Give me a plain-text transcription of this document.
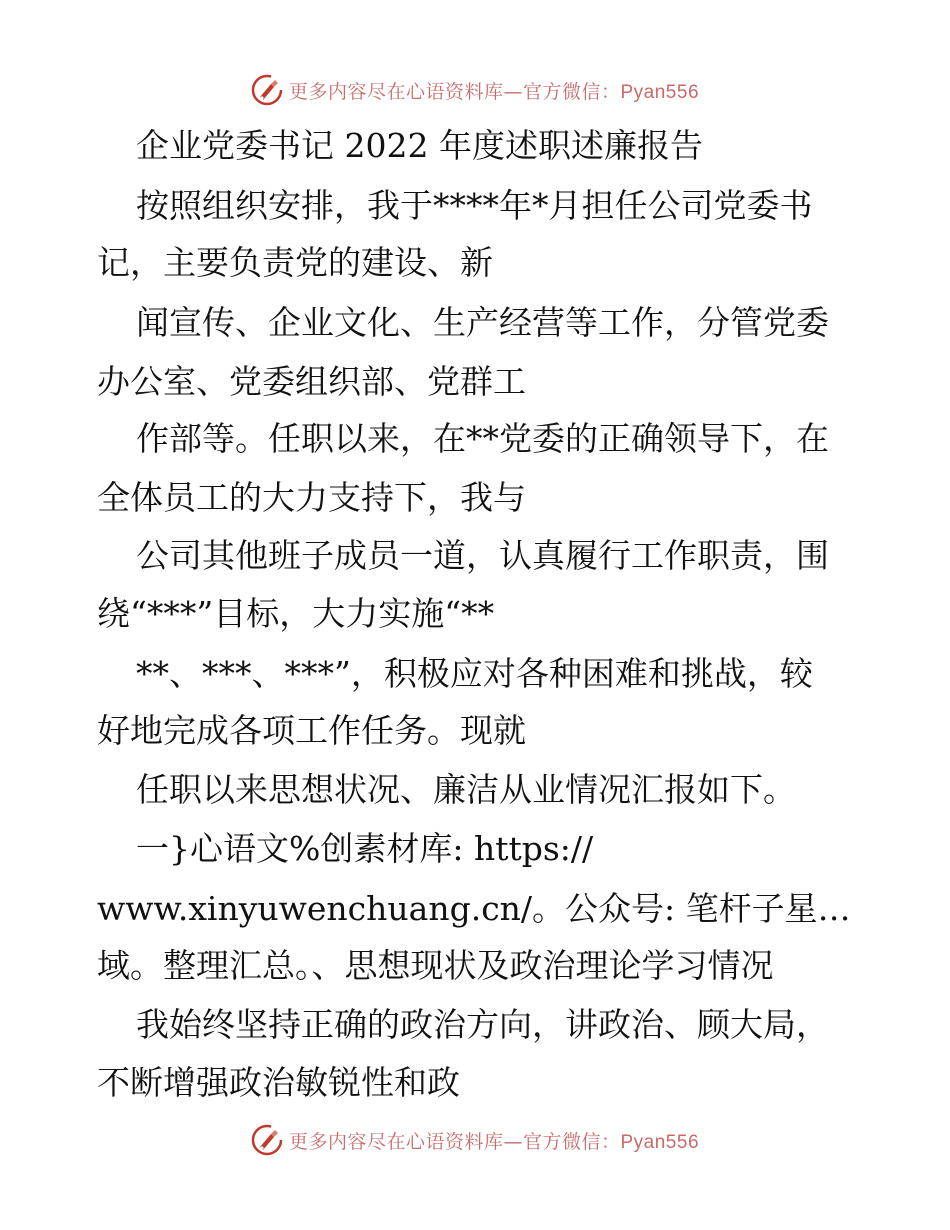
更多内容尽在心语资料库—官方微信：Pyan556
企业党委书记 2022 年度述职述廉报告
按照组织安排，我于****年*月担任公司党委书
记，主要负责党的建设、新
闻宣传、企业文化、生产经营等工作，分管党委
办公室、党委组织部、党群工
作部等。任职以来，在**党委的正确领导下，在
全体员工的大力支持下，我与
公司其他班子成员一道，认真履行工作职责，围
绕“***”目标，大力实施“**
**、***、***”，积极应对各种困难和挑战，较
好地完成各项工作任务。现就
任职以来思想状况、廉洁从业情况汇报如下。
一}心语文%创素材库: https://
www.xinyuwenchuang.cn/。公众号: 笔杆子星…
域。整理汇总。、思想现状及政治理论学习情况
我始终坚持正确的政治方向，讲政治、顾大局，
不断增强政治敏锐性和政
更多内容尽在心语资料库—官方微信：Pyan556
